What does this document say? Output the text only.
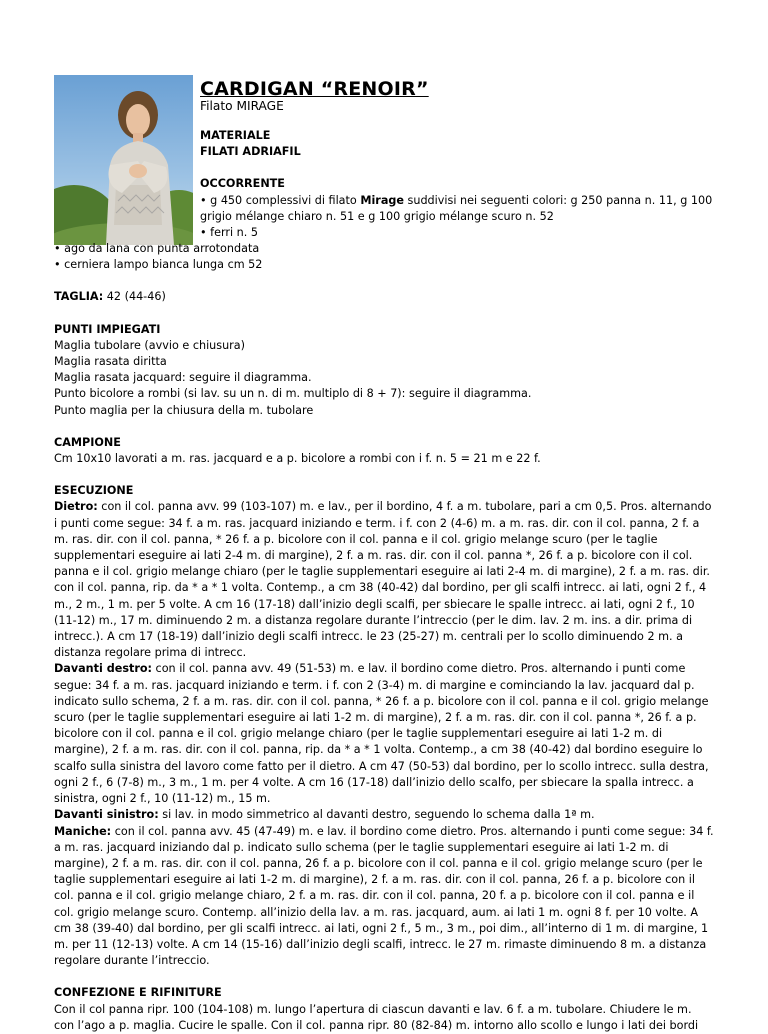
CARDIGAN “RENOIR”
Filato MIRAGE

MATERIALE

FILATI ADRIAFIL

OCCORRENTE

• g 450 complessivi di filato Mirage suddivisi nei seguenti colori: g 250 panna n. 11, g 100 grigio mélange chiaro n. 51 e g 100 grigio mélange scuro n. 52

• ferri n. 5

• ago da lana con punta arrotondata

• cerniera lampo bianca lunga cm 52

TAGLIA: 42 (44-46)

PUNTI IMPIEGATI

Maglia tubolare (avvio e chiusura)

Maglia rasata diritta

Maglia rasata jacquard: seguire il diagramma.

Punto bicolore a rombi (si lav. su un n. di m. multiplo di 8 + 7): seguire il diagramma.

Punto maglia per la chiusura della m. tubolare

CAMPIONE

Cm 10x10 lavorati a m. ras. jacquard e a p. bicolore a rombi con i f. n. 5 = 21 m e 22 f.

ESECUZIONE

Dietro: con il col. panna avv. 99 (103-107) m. e lav., per il bordino, 4 f. a m. tubolare, pari a cm 0,5. Pros. alternando i punti come segue: 34 f. a m. ras. jacquard iniziando e term. i f. con 2 (4-6) m. a m. ras. dir. con il col. panna, 2 f. a m. ras. dir. con il col. panna, * 26 f. a p. bicolore con il col. panna e il col. grigio melange scuro (per le taglie supplementari eseguire ai lati 2-4 m. di margine), 2 f. a m. ras. dir. con il col. panna *, 26 f. a p. bicolore con il col. panna e il col. grigio melange chiaro (per le taglie supplementari eseguire ai lati 2-4 m. di margine), 2 f. a m. ras. dir. con il col. panna, rip. da * a * 1 volta. Contemp., a cm 38 (40-42) dal bordino, per gli scalfi intrecc. ai lati, ogni 2 f., 4 m., 2 m., 1 m. per 5 volte. A cm 16 (17-18) dall’inizio degli scalfi, per sbiecare le spalle intrecc. ai lati, ogni 2 f., 10 (11-12) m., 17 m. diminuendo 2 m. a distanza regolare durante l’intreccio (per le dim. lav. 2 m. ins. a dir. prima di intrecc.). A cm 17 (18-19) dall’inizio degli scalfi intrecc. le 23 (25-27) m. centrali per lo scollo diminuendo 2 m. a distanza regolare prima di intrecc.

Davanti destro: con il col. panna avv. 49 (51-53) m. e lav. il bordino come dietro. Pros. alternando i punti come segue: 34 f. a m. ras. jacquard iniziando e term. i f. con 2 (3-4) m. di margine e cominciando la lav. jacquard dal p. indicato sullo schema, 2 f. a m. ras. dir. con il col. panna, * 26 f. a p. bicolore con il col. panna e il col. grigio melange scuro (per le taglie supplementari eseguire ai lati 1-2 m. di margine), 2 f. a m. ras. dir. con il col. panna *, 26 f. a p. bicolore con il col. panna e il col. grigio melange chiaro (per le taglie supplementari eseguire ai lati 1-2 m. di margine), 2 f. a m. ras. dir. con il col. panna, rip. da * a * 1 volta. Contemp., a cm 38 (40-42) dal bordino eseguire lo scalfo sulla sinistra del lavoro come fatto per il dietro. A cm 47 (50-53) dal bordino, per lo scollo intrecc. sulla destra, ogni 2 f., 6 (7-8) m., 3 m., 1 m. per 4 volte. A cm 16 (17-18) dall’inizio dello scalfo, per sbiecare la spalla intrecc. a sinistra, ogni 2 f., 10 (11-12) m., 15 m.

Davanti sinistro: si lav. in modo simmetrico al davanti destro, seguendo lo schema dalla 1ª m.

Maniche: con il col. panna avv. 45 (47-49) m. e lav. il bordino come dietro. Pros. alternando i punti come segue: 34 f. a m. ras. jacquard iniziando dal p. indicato sullo schema (per le taglie supplementari eseguire ai lati 1-2 m. di margine), 2 f. a m. ras. dir. con il col. panna, 26 f. a p. bicolore con il col. panna e il col. grigio melange scuro (per le taglie supplementari eseguire ai lati 1-2 m. di margine), 2 f. a m. ras. dir. con il col. panna, 26 f. a p. bicolore con il col. panna e il col. grigio melange chiaro, 2 f. a m. ras. dir. con il col. panna, 20 f. a p. bicolore con il col. panna e il col. grigio melange scuro. Contemp. all’inizio della lav. a m. ras. jacquard, aum. ai lati 1 m. ogni 8 f. per 10 volte. A cm 38 (39-40) dal bordino, per gli scalfi intrecc. ai lati, ogni 2 f., 5 m., 3 m., poi dim., all’interno di 1 m. di margine, 1 m. per 11 (12-13) volte. A cm 14 (15-16) dall’inizio degli scalfi, intrecc. le 27 m. rimaste diminuendo 8 m. a distanza regolare durante l’intreccio.

CONFEZIONE E RIFINITURE

Con il col panna ripr. 100 (104-108) m. lungo l’apertura di ciascun davanti e lav. 6 f. a m. tubolare. Chiudere le m. con l’ago a p. maglia. Cucire le spalle. Con il col. panna ripr. 80 (82-84) m. intorno allo scollo e lungo i lati dei bordi
